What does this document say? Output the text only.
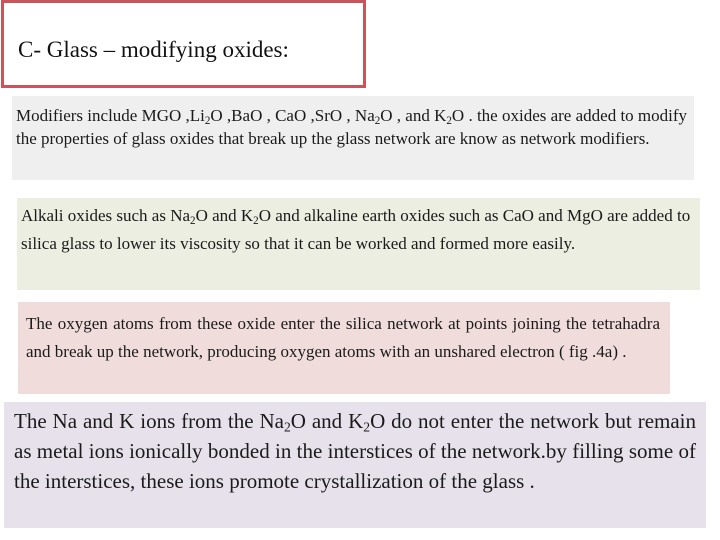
C- Glass – modifying oxides:

Modifiers include MGO $,Li_2O$ ,BaO , CaO ,SrO , $Na_2O$ , and $K_2O$ . the oxides are added to modify the properties of glass oxides that break up the glass network are know as network modifiers.

Alkali oxides such as $Na_2O$ and $K_2O$ and alkaline earth oxides such as CaO and MgO are added to silica glass to lower its viscosity so that it can be worked and formed more easily.

The oxygen atoms from these oxide enter the silica network at points joining the tetrahadra and break up the network, producing oxygen atoms with an unshared electron ( fig .4a) .

The Na and K ions from the $Na_2O$ and $K_2O$ do not enter the network but remain as metal ions ionically bonded in the interstices of the network.by filling some of the interstices, these ions promote crystallization of the glass .
